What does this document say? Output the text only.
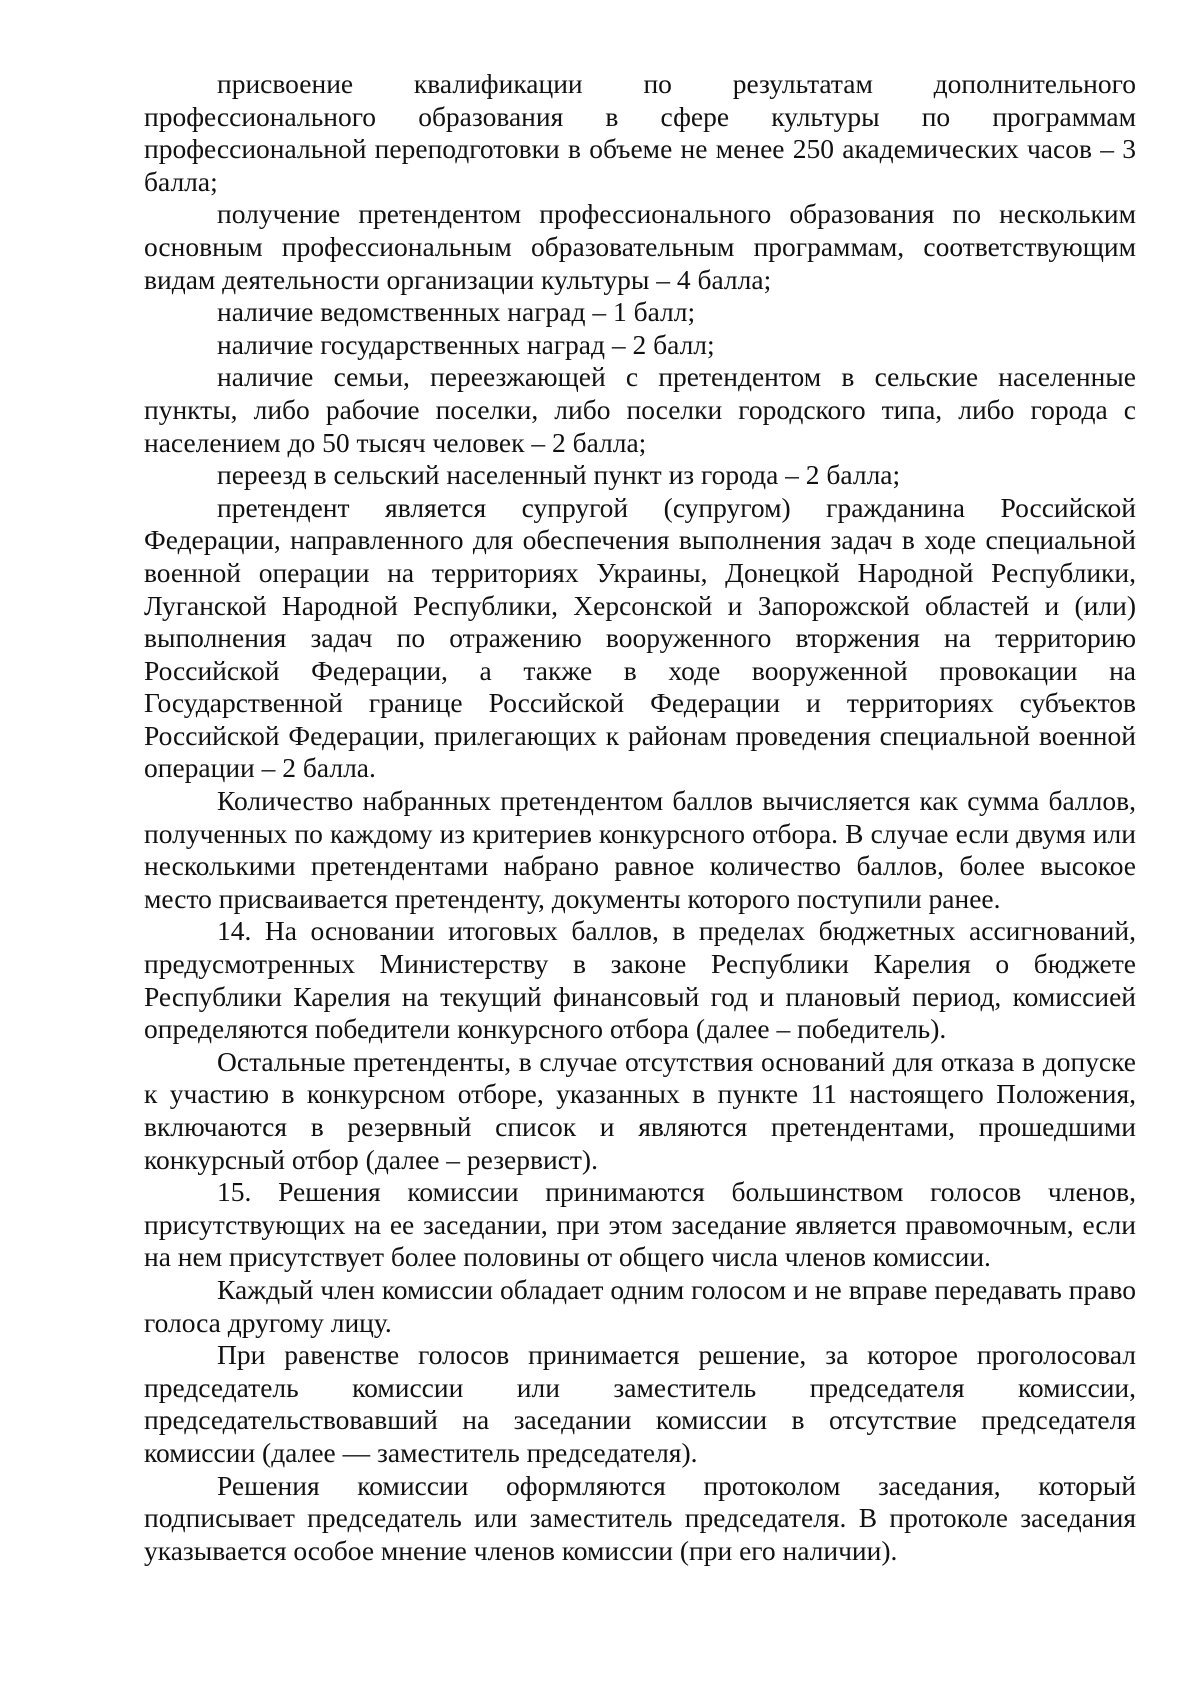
присвоение квалификации по результатам дополнительного профессионального образования в сфере культуры по программам профессиональной переподготовки в объеме не менее 250 академических часов – 3 балла;

получение претендентом профессионального образования по нескольким основным профессиональным образовательным программам, соответствующим видам деятельности организации культуры – 4 балла;

наличие ведомственных наград – 1 балл;

наличие государственных наград – 2 балл;

наличие семьи, переезжающей с претендентом в сельские населенные пункты, либо рабочие поселки, либо поселки городского типа, либо города с населением до 50 тысяч человек – 2 балла;

переезд в сельский населенный пункт из города – 2 балла;

претендент является супругой (супругом) гражданина Российской Федерации, направленного для обеспечения выполнения задач в ходе специальной военной операции на территориях Украины, Донецкой Народной Республики, Луганской Народной Республики, Херсонской и Запорожской областей и (или) выполнения задач по отражению вооруженного вторжения на территорию Российской Федерации, а также в ходе вооруженной провокации на Государственной границе Российской Федерации и территориях субъектов Российской Федерации, прилегающих к районам проведения специальной военной операции – 2 балла.

Количество набранных претендентом баллов вычисляется как сумма баллов, полученных по каждому из критериев конкурсного отбора. В случае если двумя или несколькими претендентами набрано равное количество баллов, более высокое место присваивается претенденту, документы которого поступили ранее.

14. На основании итоговых баллов, в пределах бюджетных ассигнований, предусмотренных Министерству в законе Республики Карелия о бюджете Республики Карелия на текущий финансовый год и плановый период, комиссией определяются победители конкурсного отбора (далее – победитель).

Остальные претенденты, в случае отсутствия оснований для отказа в допуске к участию в конкурсном отборе, указанных в пункте 11 настоящего Положения, включаются в резервный список и являются претендентами, прошедшими конкурсный отбор (далее – резервист).

15. Решения комиссии принимаются большинством голосов членов, присутствующих на ее заседании, при этом заседание является правомочным, если на нем присутствует более половины от общего числа членов комиссии.

Каждый член комиссии обладает одним голосом и не вправе передавать право голоса другому лицу.

При равенстве голосов принимается решение, за которое проголосовал председатель комиссии или заместитель председателя комиссии, председательствовавший на заседании комиссии в отсутствие председателя комиссии (далее — заместитель председателя).

Решения комиссии оформляются протоколом заседания, который подписывает председатель или заместитель председателя. В протоколе заседания указывается особое мнение членов комиссии (при его наличии).
